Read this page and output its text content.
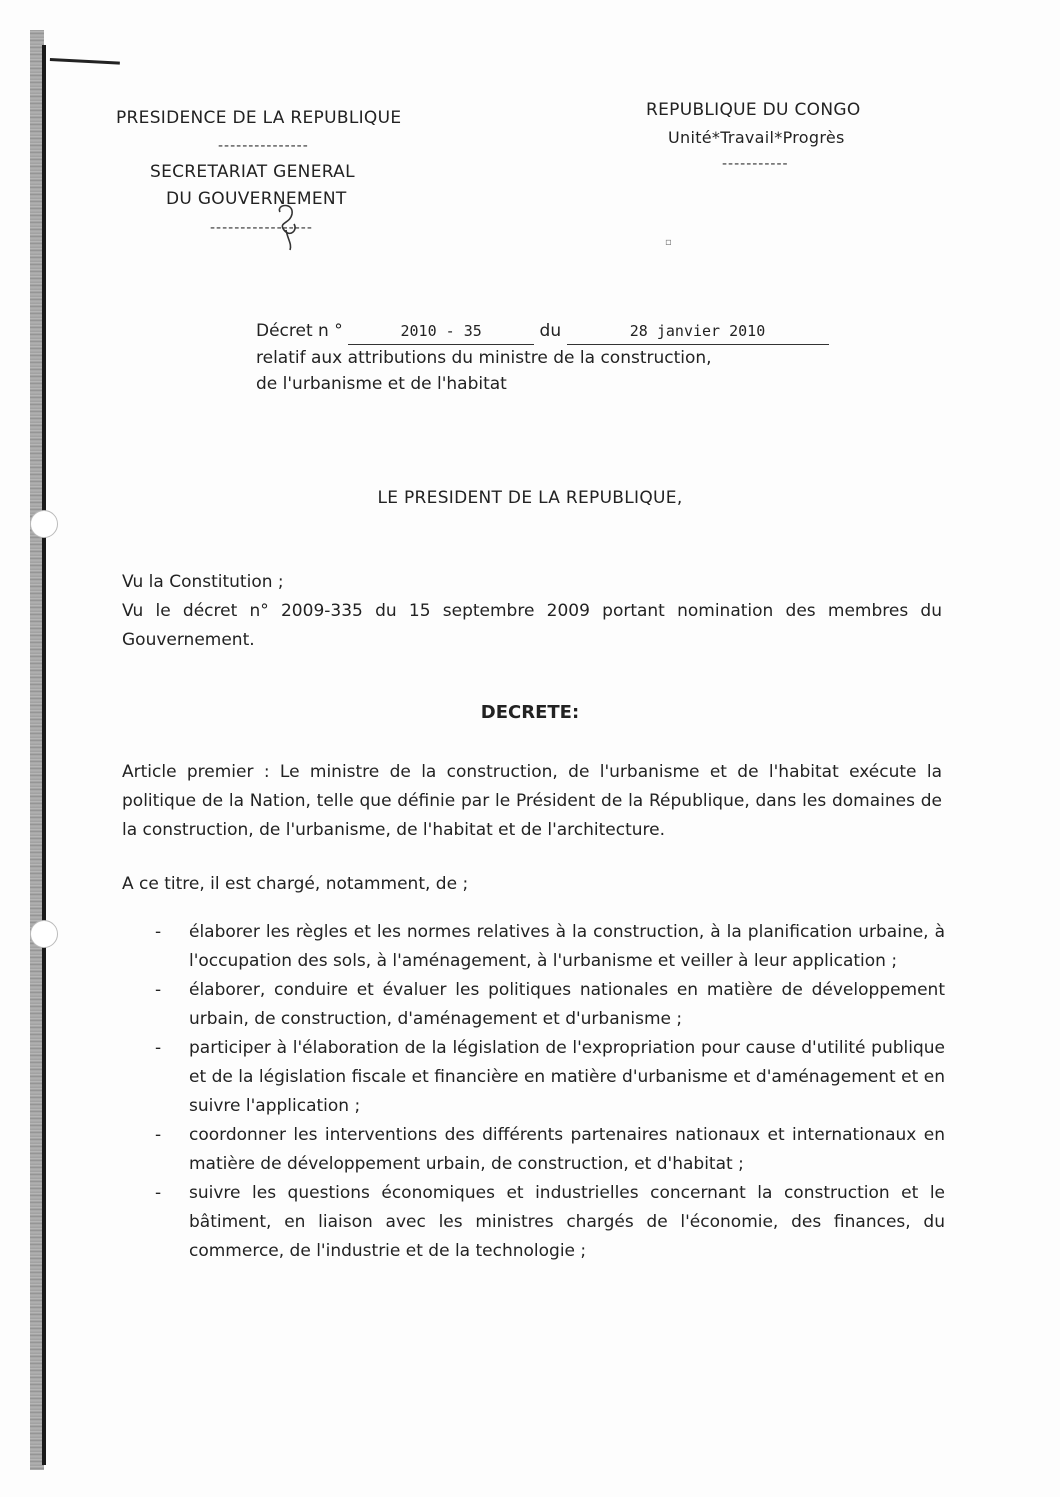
PRESIDENCE DE LA REPUBLIQUE
---------------
SECRETARIAT GENERAL
DU GOUVERNEMENT
-----------------
REPUBLIQUE DU CONGO
Unité*Travail*Progrès
-----------
▫
Décret n °	2010 - 35	du	28 janvier 2010
relatif aux attributions du ministre de la construction,
de l'urbanisme et de l'habitat
LE PRESIDENT DE LA REPUBLIQUE,
Vu la Constitution ;
Vu le décret n° 2009-335 du 15 septembre 2009 portant nomination des membres du Gouvernement.
DECRETE:
Article premier : Le ministre de la construction, de l'urbanisme et de l'habitat exécute la politique de la Nation, telle que définie par le Président de la République, dans les domaines de la construction, de l'urbanisme, de l'habitat et de l'architecture.
A ce titre, il est chargé, notamment, de ;
- élaborer les règles et les normes relatives à la construction, à la planification urbaine, à l'occupation des sols, à l'aménagement, à l'urbanisme et veiller à leur application ;
- élaborer, conduire et évaluer les politiques nationales en matière de développement urbain, de construction, d'aménagement et d'urbanisme ;
- participer à l'élaboration de la législation de l'expropriation pour cause d'utilité publique et de la législation fiscale et financière en matière d'urbanisme et d'aménagement et en suivre l'application ;
- coordonner les interventions des différents partenaires nationaux et internationaux en matière de développement urbain, de construction, et d'habitat ;
- suivre les questions économiques et industrielles concernant la construction et le bâtiment, en liaison avec les ministres chargés de l'économie, des finances, du commerce, de l'industrie et de la technologie ;
